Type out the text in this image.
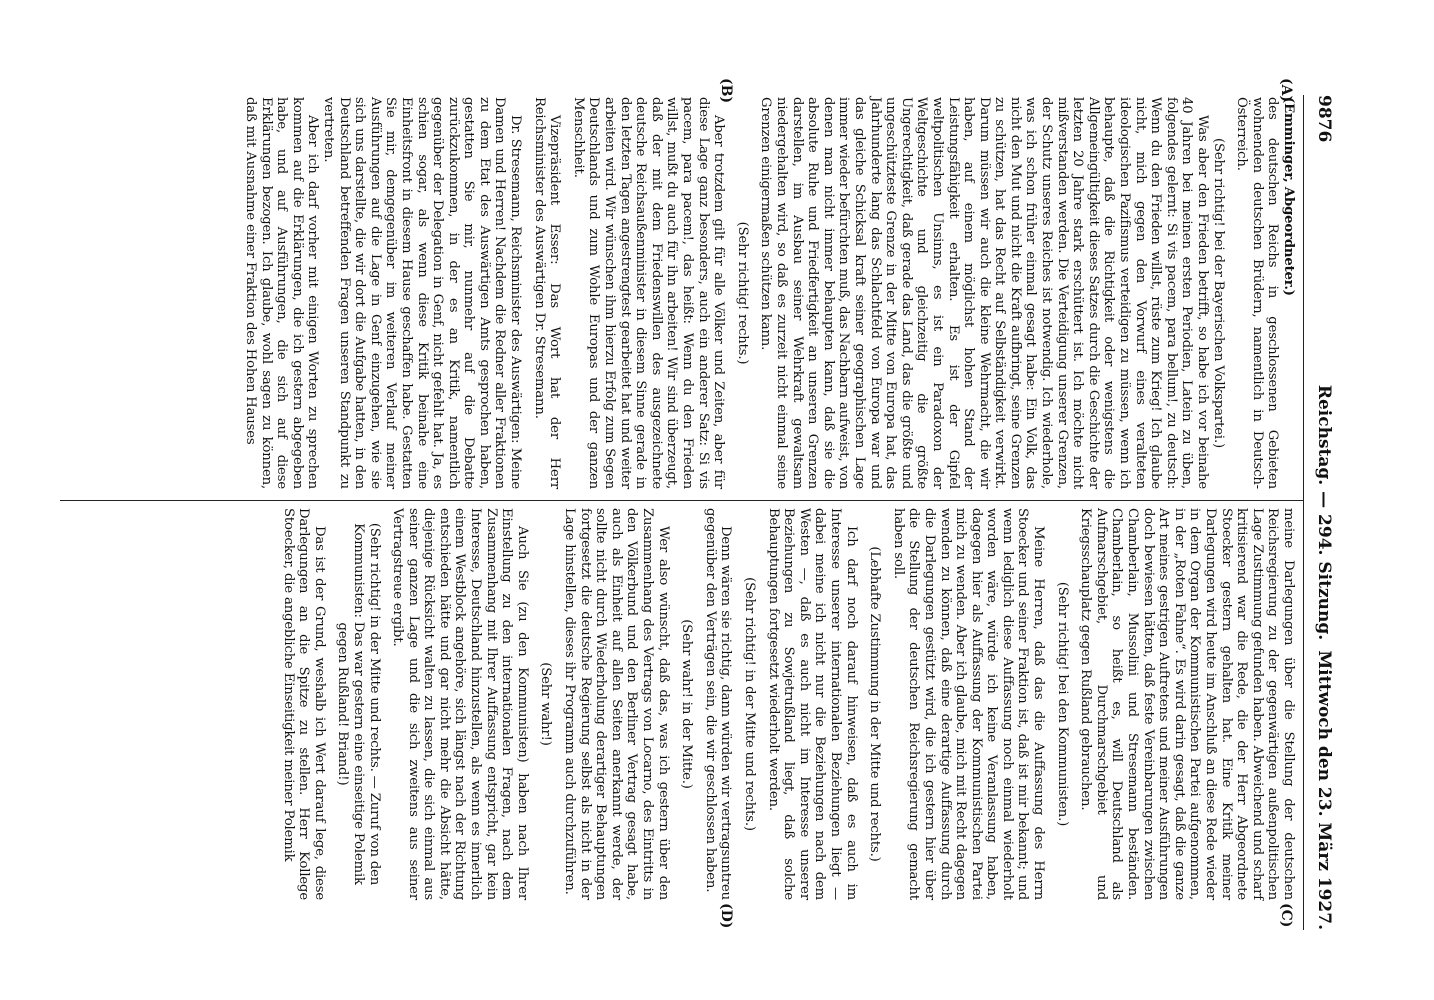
9876
Reichstag. — 294. Sitzung.
Mittwoch den 23. März 1927.
(A)
(B)
(C)
(D)

(Emminger, Abgeordneter.)

des deutschen Reichs in geschlossenen Gebieten wohnenden deutschen Brüdern, namentlich in Deutsch-Österreich.

(Sehr richtig! bei der Bayerischen Volkspartei.)

Was aber den Frieden betrifft, so habe ich vor beinahe 40 Jahren bei meinen ersten Periodien, Latein zu üben, folgendes gelernt: Si vis pacem, para bellum!, zu deutsch: Wenn du den Frieden willst, rüste zum Krieg! Ich glaube nicht, mich gegen den Vorwurf eines veralteten ideologischen Pazifismus verteidigen zu müssen, wenn ich behaupte, daß die Richtigkeit oder wenigstens die Allgemeingültigkeit dieses Satzes durch die Geschichte der letzten 20 Jahre stark erschüttert ist. Ich möchte nicht mißverstanden werden. Die Verteidigung unserer Grenzen, der Schutz unseres Reiches ist notwendig. Ich wiederhole, was ich schon früher einmal gesagt habe: Ein Volk, das nicht den Mut und nicht die Kraft aufbringt, seine Grenzen zu schützen, hat das Recht auf Selbständigkeit verwirkt. Darum müssen wir auch die kleine Wehrmacht, die wir haben, auf einem möglichst hohen Stand der Leistungsfähigkeit erhalten. Es ist der Gipfel weltpolitischen Unsinns, es ist ein Paradoxon der Weltgeschichte und gleichzeitig die größte Ungerechtigkeit, daß gerade das Land, das die größte und ungeschützteste Grenze in der Mitte von Europa hat, das Jahrhunderte lang das Schlachtfeld von Europa war und das gleiche Schicksal kraft seiner geographischen Lage immer wieder befürchten muß, das Nachbarn aufweist, von denen man nicht immer behaupten kann, daß sie die absolute Ruhe und Friedfertigkeit an unseren Grenzen darstellen, im Ausbau seiner Wehrkraft gewaltsam niedergehalten wird, so daß es zurzeit nicht einmal seine Grenzen einigermaßen schützen kann.

(Sehr richtig! rechts.)

Aber trotzdem gilt für alle Völker und Zeiten, aber für diese Lage ganz besonders, auch ein anderer Satz: Si vis pacem, para pacem!, das heißt: Wenn du den Frieden willst, mußt du auch für ihn arbeiten! Wir sind überzeugt, daß der mit dem Friedenswillen des ausgezeichnete deutsche Reichsaußenminister in diesem Sinne gerade in den letzten Tagen angestrengtest gearbeitet hat und weiter arbeiten wird. Wir wünschen ihm hierzu Erfolg zum Segen Deutschlands und zum Wohle Europas und der ganzen Menschheit.

Vizepräsident Esser: Das Wort hat der Herr Reichsminister des Auswärtigen Dr. Stresemann.

Dr. Stresemann, Reichsminister des Auswärtigen: Meine Damen und Herren! Nachdem die Redner aller Fraktionen zu dem Etat des Auswärtigen Amts gesprochen haben, gestatten Sie mir, nunmehr auf die Debatte zurückzukommen, in der es an Kritik, namentlich gegenüber der Delegation in Genf, nicht gefehlt hat. Ja, es schien sogar, als wenn diese Kritik beinahe eine Einheitsfront in diesem Hause geschaffen habe. Gestatten Sie mir, demgegenüber im weiteren Verlauf meiner Ausführungen auf die Lage in Genf einzugehen, wie sie sich uns darstellte, die wir dort die Aufgabe hatten, in den Deutschland betreffenden Fragen unseren Standpunkt zu vertreten.

Aber ich darf vorher mit einigen Worten zu sprechen kommen auf die Erklärungen, die ich gestern abgegeben habe, und auf Ausführungen, die sich auf diese Erklärungen bezogen. Ich glaube, wohl sagen zu können, daß mit Ausnahme einer Fraktion des Hohen Hauses

meine Darlegungen über die Stellung der deutschen Reichsregierung zu der gegenwärtigen außenpolitischen Lage Zustimmung gefunden haben. Abweichend und scharf kritisierend war die Rede, die der Herr Abgeordnete Stoecker gestern gehalten hat. Eine Kritik meiner Darlegungen wird heute im Anschluß an diese Rede wieder in dem Organ der Kommunistischen Partei aufgenommen, in der „Roten Fahne“. Es wird darin gesagt, daß die ganze Art meines gestrigen Auftretens und meiner Ausführungen doch bewiesen hätten, daß feste Vereinbarungen zwischen Chamberlain, Mussolini und Stresemann beständen. Chamberlain, so heißt es, will Deutschland als Aufmarschgebiet, Durchmarschgebiet und Kriegsschauplatz gegen Rußland gebrauchen.

(Sehr richtig! bei den Kommunisten.)

Meine Herren, daß das die Auffassung des Herrn Stoecker und seiner Fraktion ist, daß ist mir bekannt; und wenn lediglich diese Auffassung noch einmal wiederholt worden wäre, würde ich keine Veranlassung haben, dagegen hier als Auffassung der Kommunistischen Partei mich zu wenden. Aber ich glaube, mich mit Recht dagegen wenden zu können, daß eine derartige Auffassung durch die Darlegungen gestützt wird, die ich gestern hier über die Stellung der deutschen Reichsregierung gemacht haben soll.

(Lebhafte Zustimmung in der Mitte und rechts.)

Ich darf noch darauf hinweisen, daß es auch im Interesse unserer internationalen Beziehungen liegt — dabei meine ich nicht nur die Beziehungen nach dem Westen —, daß es auch nicht im Interesse unserer Beziehungen zu Sowjetrußland liegt, daß solche Behauptungen fortgesetzt wiederholt werden.

(Sehr richtig! in der Mitte und rechts.)

Denn wären sie richtig, dann würden wir vertragsuntreu gegenüber den Verträgen sein, die wir geschlossen haben.

(Sehr wahr! in der Mitte.)

Wer also wünscht, daß das, was ich gestern über den Zusammenhang des Vertrags von Locarno, des Eintritts in den Völkerbund und den Berliner Vertrag gesagt habe, auch als Einheit auf allen Seiten anerkannt werde, der sollte nicht durch Wiederholung derartiger Behauptungen fortgesetzt die deutsche Regierung selbst als nicht in der Lage hinstellen, dieses ihr Programm auch durchzuführen.

(Sehr wahr!)

Auch Sie (zu den Kommunisten) haben nach Ihrer Einstellung zu den internationalen Fragen, nach dem Zusammenhang mit Ihrer Auffassung entspricht, gar kein Interesse, Deutschland hinzustellen, als wenn es innerlich einem Westblock angehöre, sich längst nach der Richtung entschieden hätte und gar nicht mehr die Absicht hätte, diejenige Rücksicht walten zu lassen, die sich einmal aus seiner ganzen Lage und die sich zweitens aus seiner Vertragstreue ergibt.

(Sehr richtig! in der Mitte und rechts. — Zuruf von den Kommunisten: Das war gestern eine einseitige Polemik gegen Rußland! Briand!)

Das ist der Grund, weshalb ich Wert darauf lege, diese Darlegungen an die Spitze zu stellen. Herr Kollege Stoecker, die angebliche Einseitigkeit meiner Polemik
